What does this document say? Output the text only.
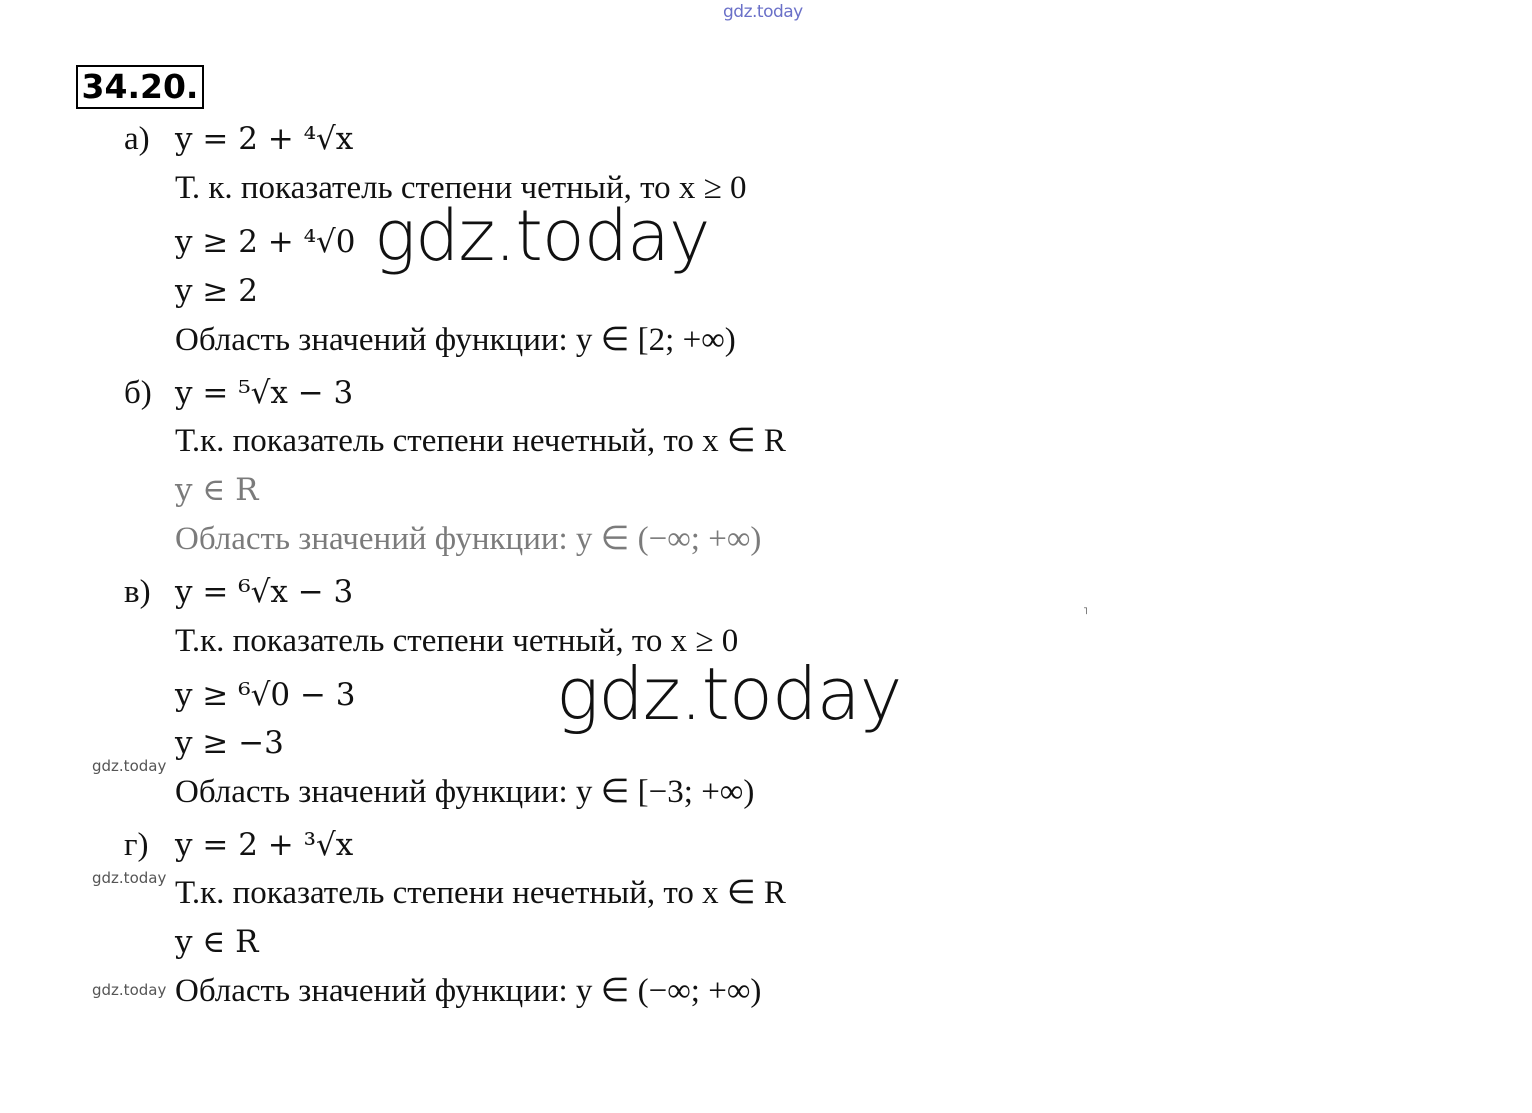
gdz.today
gdz.today
gdz.today
gdz.today
gdz.today
gdz.today
˥
34.20.
а) y = 2 + ⁴√x
Т. к. показатель степени четный, то x ≥ 0
y ≥ 2 + ⁴√0
y ≥ 2
Область значений функции: y ∈ [2; +∞)
б) y = ⁵√x − 3
Т.к. показатель степени нечетный, то x ∈ R
y ∈ R
Область значений функции: y ∈ (−∞; +∞)
в) y = ⁶√x − 3
Т.к. показатель степени четный, то x ≥ 0
y ≥ ⁶√0 − 3
y ≥ −3
Область значений функции: y ∈ [−3; +∞)
г) y = 2 + ³√x
Т.к. показатель степени нечетный, то x ∈ R
y ∈ R
Область значений функции: y ∈ (−∞; +∞)
